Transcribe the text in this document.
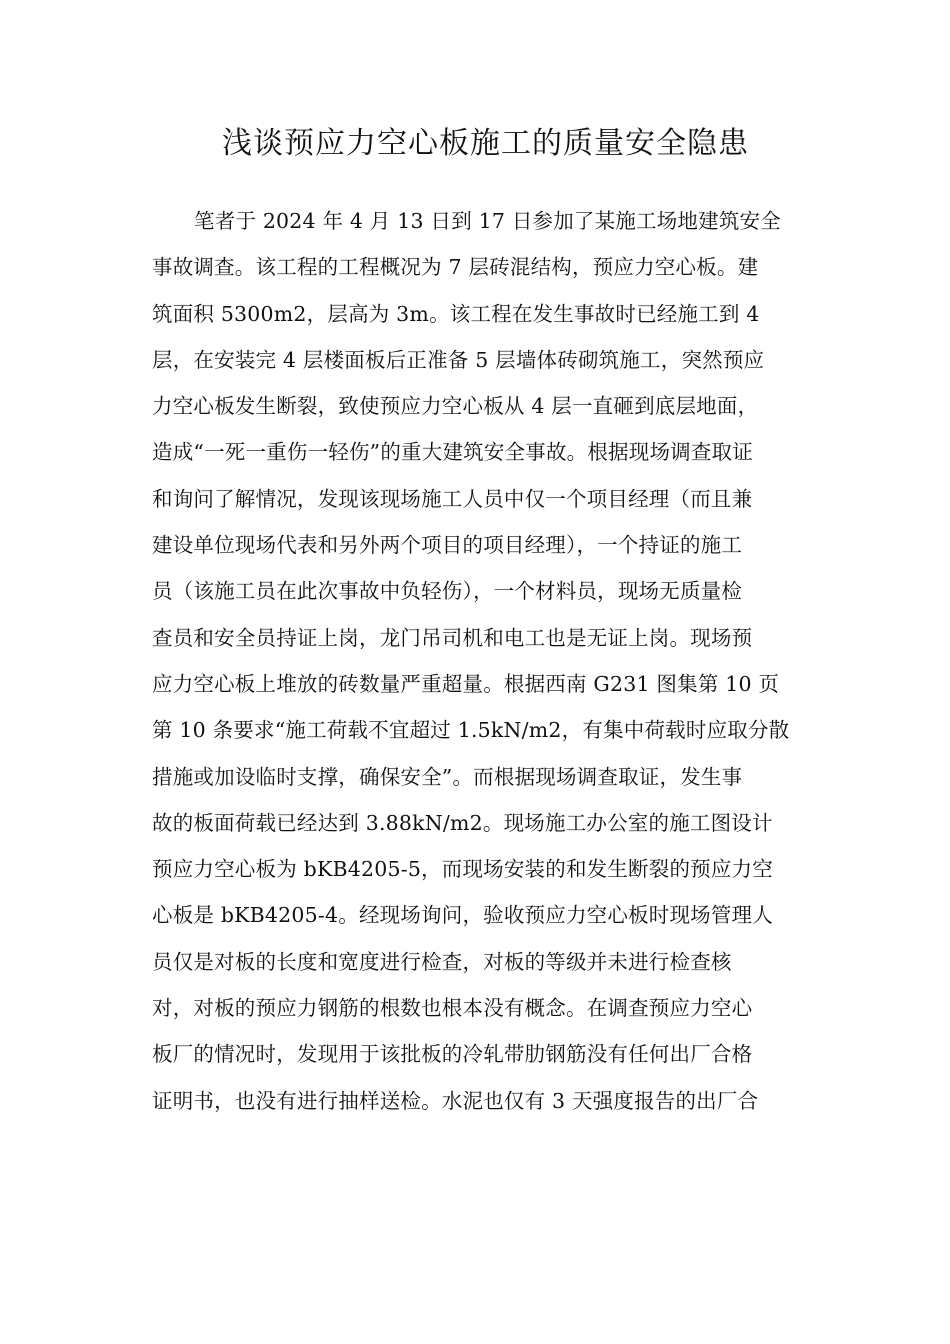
浅谈预应力空心板施工的质量安全隐患
笔者于 2024 年 4 月 13 日到 17 日参加了某施工场地建筑安全
事故调查。该工程的工程概况为 7 层砖混结构，预应力空心板。建
筑面积 5300m2，层高为 3m。该工程在发生事故时已经施工到 4
层，在安装完 4 层楼面板后正准备 5 层墙体砖砌筑施工，突然预应
力空心板发生断裂，致使预应力空心板从 4 层一直砸到底层地面，
造成“一死一重伤一轻伤”的重大建筑安全事故。根据现场调查取证
和询问了解情况，发现该现场施工人员中仅一个项目经理（而且兼
建设单位现场代表和另外两个项目的项目经理），一个持证的施工
员（该施工员在此次事故中负轻伤），一个材料员，现场无质量检
查员和安全员持证上岗，龙门吊司机和电工也是无证上岗。现场预
应力空心板上堆放的砖数量严重超量。根据西南 G231 图集第 10 页
第 10 条要求“施工荷载不宜超过 1.5kN/m2，有集中荷载时应取分散
措施或加设临时支撑，确保安全”。而根据现场调查取证，发生事
故的板面荷载已经达到 3.88kN/m2。现场施工办公室的施工图设计
预应力空心板为 bKB4205-5，而现场安装的和发生断裂的预应力空
心板是 bKB4205-4。经现场询问，验收预应力空心板时现场管理人
员仅是对板的长度和宽度进行检查，对板的等级并未进行检查核
对，对板的预应力钢筋的根数也根本没有概念。在调查预应力空心
板厂的情况时，发现用于该批板的冷轧带肋钢筋没有任何出厂合格
证明书，也没有进行抽样送检。水泥也仅有 3 天强度报告的出厂合
